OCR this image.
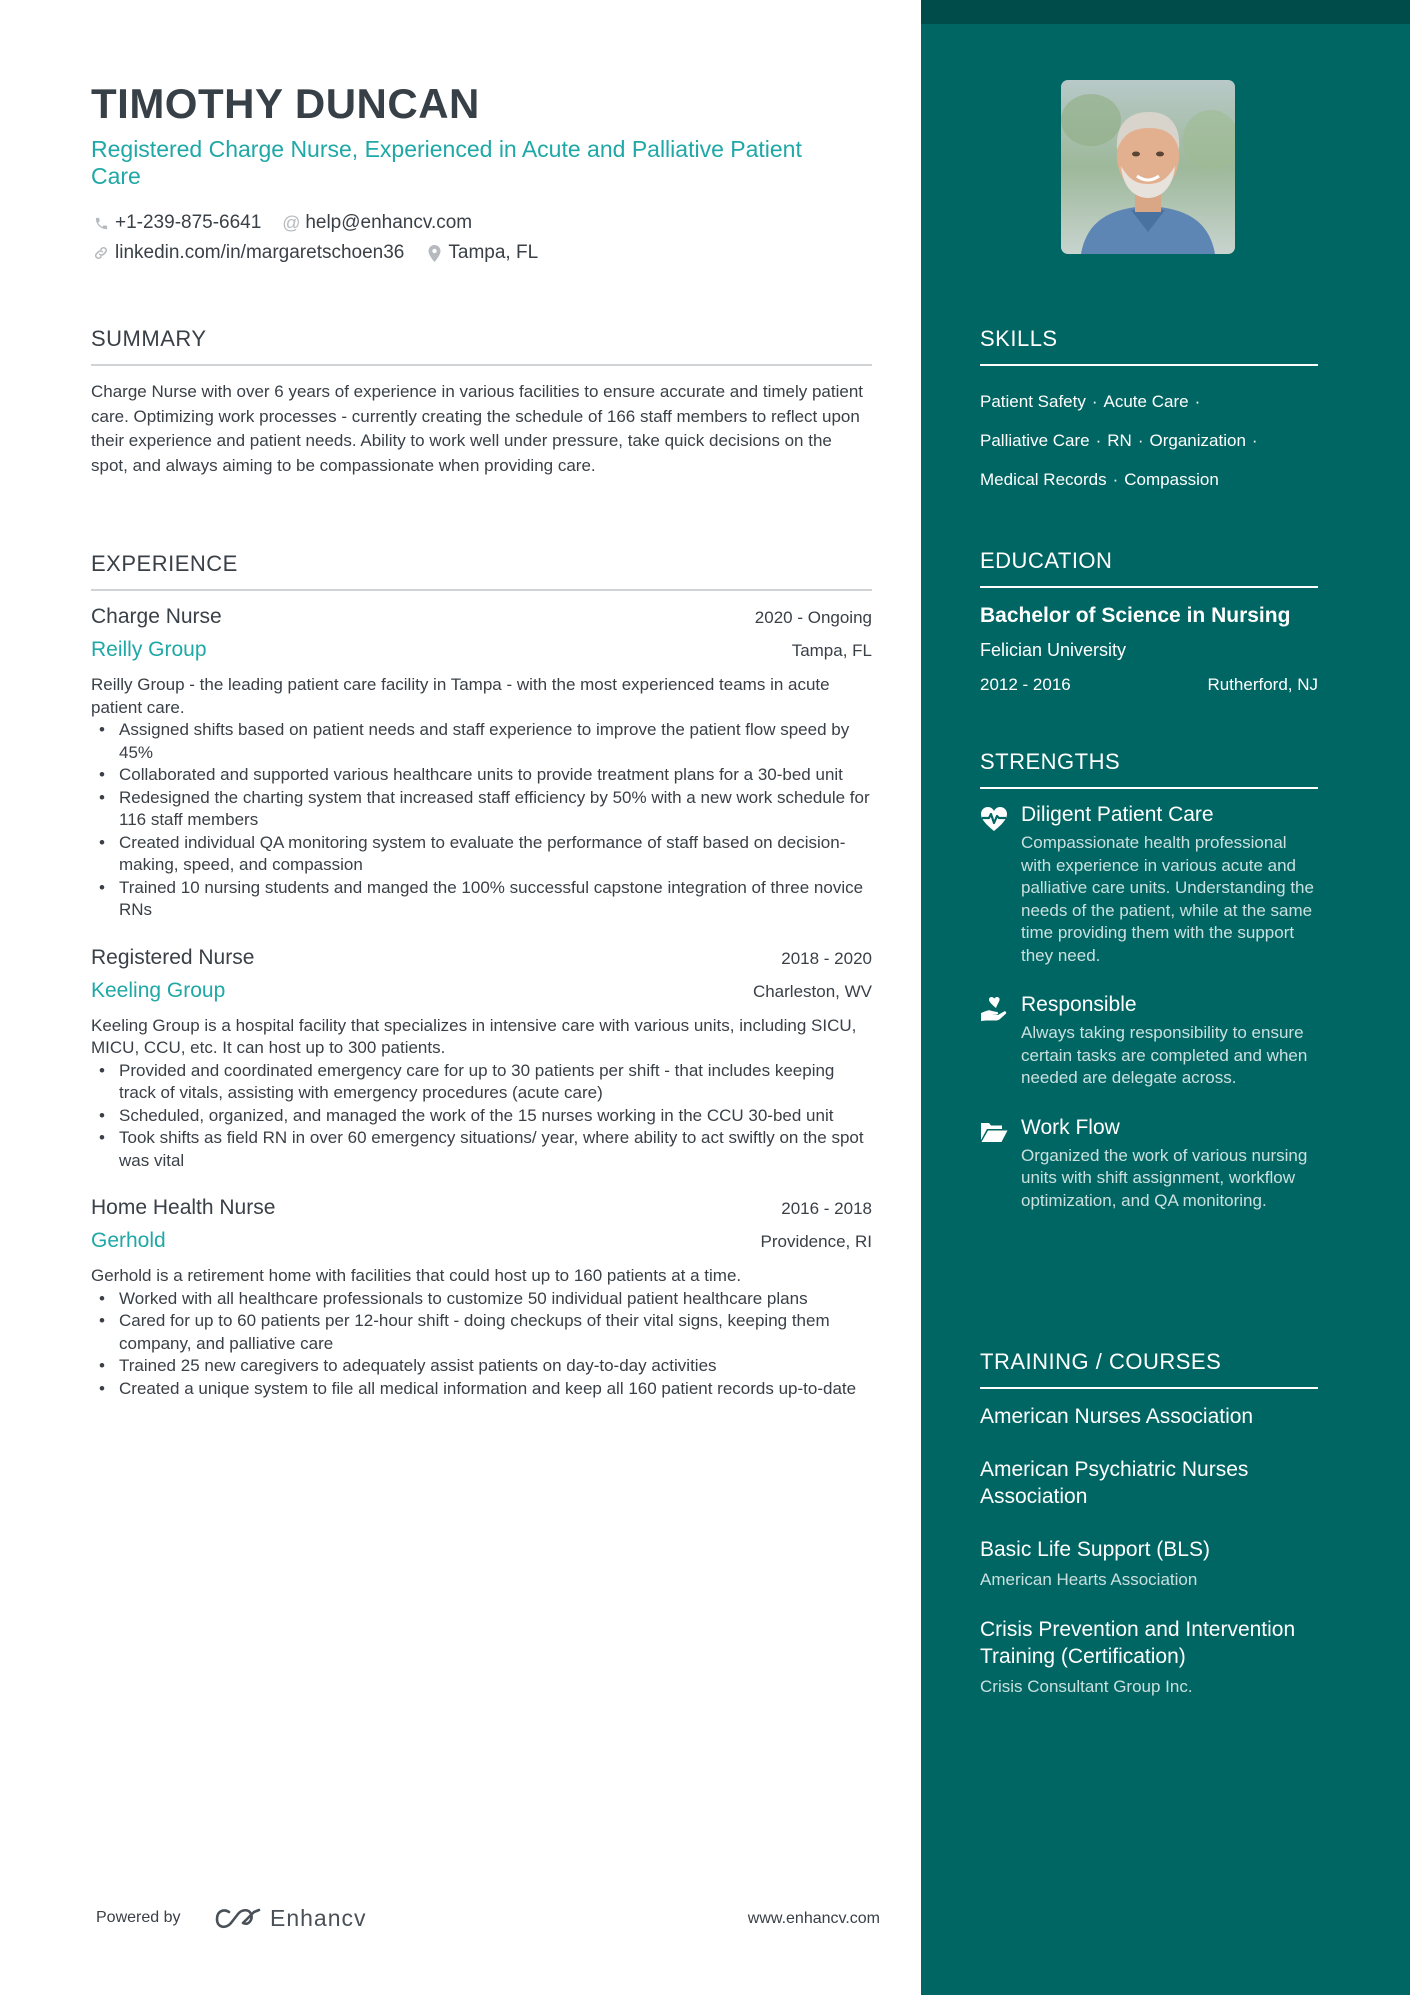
TIMOTHY DUNCAN
Registered Charge Nurse, Experienced in Acute and Palliative Patient Care
+1-239-875-6641 @ help@enhancv.com
linkedin.com/in/margaretschoen36 Tampa, FL
SUMMARY
Charge Nurse with over 6 years of experience in various facilities to ensure accurate and timely patient care. Optimizing work processes - currently creating the schedule of 166 staff members to reflect upon their experience and patient needs. Ability to work well under pressure, take quick decisions on the spot, and always aiming to be compassionate when providing care.
EXPERIENCE
Charge Nurse	2020 - Ongoing
Reilly Group	Tampa, FL
Reilly Group - the leading patient care facility in Tampa - with the most experienced teams in acute patient care.
• Assigned shifts based on patient needs and staff experience to improve the patient flow speed by 45%
• Collaborated and supported various healthcare units to provide treatment plans for a 30-bed unit
• Redesigned the charting system that increased staff efficiency by 50% with a new work schedule for 116 staff members
• Created individual QA monitoring system to evaluate the performance of staff based on decision-making, speed, and compassion
• Trained 10 nursing students and manged the 100% successful capstone integration of three novice RNs
Registered Nurse	2018 - 2020
Keeling Group	Charleston, WV
Keeling Group is a hospital facility that specializes in intensive care with various units, including SICU, MICU, CCU, etc. It can host up to 300 patients.
• Provided and coordinated emergency care for up to 30 patients per shift - that includes keeping track of vitals, assisting with emergency procedures (acute care)
• Scheduled, organized, and managed the work of the 15 nurses working in the CCU 30-bed unit
• Took shifts as field RN in over 60 emergency situations/ year, where ability to act swiftly on the spot was vital
Home Health Nurse	2016 - 2018
Gerhold	Providence, RI
Gerhold is a retirement home with facilities that could host up to 160 patients at a time.
• Worked with all healthcare professionals to customize 50 individual patient healthcare plans
• Cared for up to 60 patients per 12-hour shift - doing checkups of their vital signs, keeping them company, and palliative care
• Trained 25 new caregivers to adequately assist patients on day-to-day activities
• Created a unique system to file all medical information and keep all 160 patient records up-to-date
Powered by	Enhancv	www.enhancv.com
SKILLS
Patient Safety · Acute Care ·
Palliative Care · RN · Organization ·
Medical Records · Compassion
EDUCATION
Bachelor of Science in Nursing
Felician University
2012 - 2016	Rutherford, NJ
STRENGTHS
Diligent Patient Care
Compassionate health professional with experience in various acute and palliative care units. Understanding the needs of the patient, while at the same time providing them with the support they need.
Responsible
Always taking responsibility to ensure certain tasks are completed and when needed are delegate across.
Work Flow
Organized the work of various nursing units with shift assignment, workflow optimization, and QA monitoring.
TRAINING / COURSES
American Nurses Association
American Psychiatric Nurses Association
Basic Life Support (BLS)
American Hearts Association
Crisis Prevention and Intervention Training (Certification)
Crisis Consultant Group Inc.
